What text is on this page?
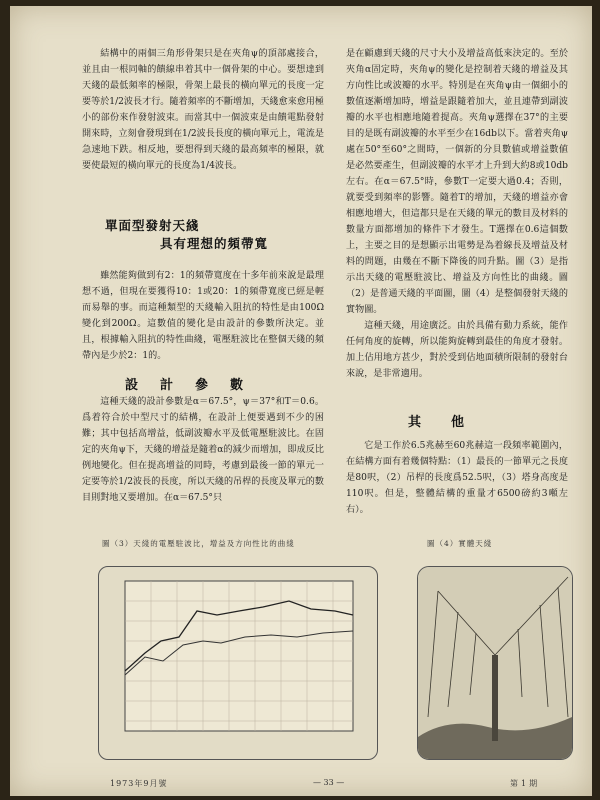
結構中的兩個三角形骨架只是在夾角ψ的頂部處接合，並且由一根同軸的饋線串着其中一個骨架的中心。要想達到天綫的最低頻率的極限，骨架上最長的橫向單元的長度一定要等於1/2波長才行。隨着頻率的不斷增加，天綫愈來愈用極小的部份來作發射波束。而當其中一個波束是由饋電點發射開來時，立刻會發現到在1/2波長長度的橫向單元上，電流是急速地下跌。相反地，要想得到天綫的最高頻率的極限，就要使最短的橫向單元的長度為1/4波長。

單面型發射天綫
具有理想的頻帶寬

雖然能夠做到有2：1的頻帶寬度在十多年前來說是最理想不過，但現在要獲得10：1或20：1的頻帶寬度已經是輕而易舉的事。而這種類型的天綫輸入阻抗的特性是由100Ω變化到200Ω。這數值的變化是由設計的參數所決定。並且，根據輸入阻抗的特性曲綫，電壓駐波比在整個天綫的頻帶內是少於2：1的。

設計參數

這種天綫的設計參數是α＝67.5°，ψ＝37°和T＝0.6。爲着符合於中型尺寸的結構，在設計上便要遇到不少的困難；其中包括高增益，低副波瓣水平及低電壓駐波比。在固定的夾角ψ下，天綫的增益是隨着α的減少而增加，即成反比例地變化。但在提高增益的同時，考慮到最後一節的單元一定要等於1/2波長的長度，所以天綫的吊桿的長度及單元的數目則對地又要增加。在α＝67.5°只

是在顧慮到天綫的尺寸大小及增益高低來決定的。至於夾角α固定時，夾角ψ的變化是控制着天綫的增益及其方向性比或波瓣的水平。特別是在夾角ψ由一個細小的數值逐漸增加時，增益是跟隨着加大，並且連帶到副波瓣的水平也相應地隨着提高。夾角ψ選擇在37°的主要目的是既有副波瓣的水平至少在16db以下。當着夾角ψ處在50°至60°之間時，一個新的分貝數値或增益數値是必然要產生，但副波瓣的水平才上升到大約8或10db左右。在α＝67.5°時，參數T一定要大過0.4；否則，就要受到頻率的影響。隨着T的增加，天綫的增益亦會相應地增大，但這都只是在天綫的單元的數目及材料的數量方面都增加的條件下才發生。T選擇在0.6這個數上，主要之目的是想顯示出電勢是為着線長及增益及材料的問題，由幾在不斷下降後的同升點。圖（3）是指示出天綫的電壓駐波比、增益及方向性比的曲綫。圖（2）是普通天綫的平面圖，圖（4）是整個發射天綫的實物圖。

這種天綫，用途廣泛。由於具備有動力系統，能作任何角度的旋轉，所以能夠旋轉到最佳的角度才發射。加上佔用地方甚少，對於受到佔地面積所限制的發射台來說，是非常適用。

其他

它是工作於6.5兆赫至60兆赫這一段頻率範圍內，在結構方面有着幾個特點：（1）最長的一節單元之長度是80呎，（2）吊桿的長度爲52.5呎，（3）塔身高度是110呎。但是，整體結構的重量才6500磅約3噸左右）。

圖（3）天綫的電壓駐波比，增益及方向性比的曲綫	圖（4）實體天綫
1973年9月號	— 33 —	第1期
